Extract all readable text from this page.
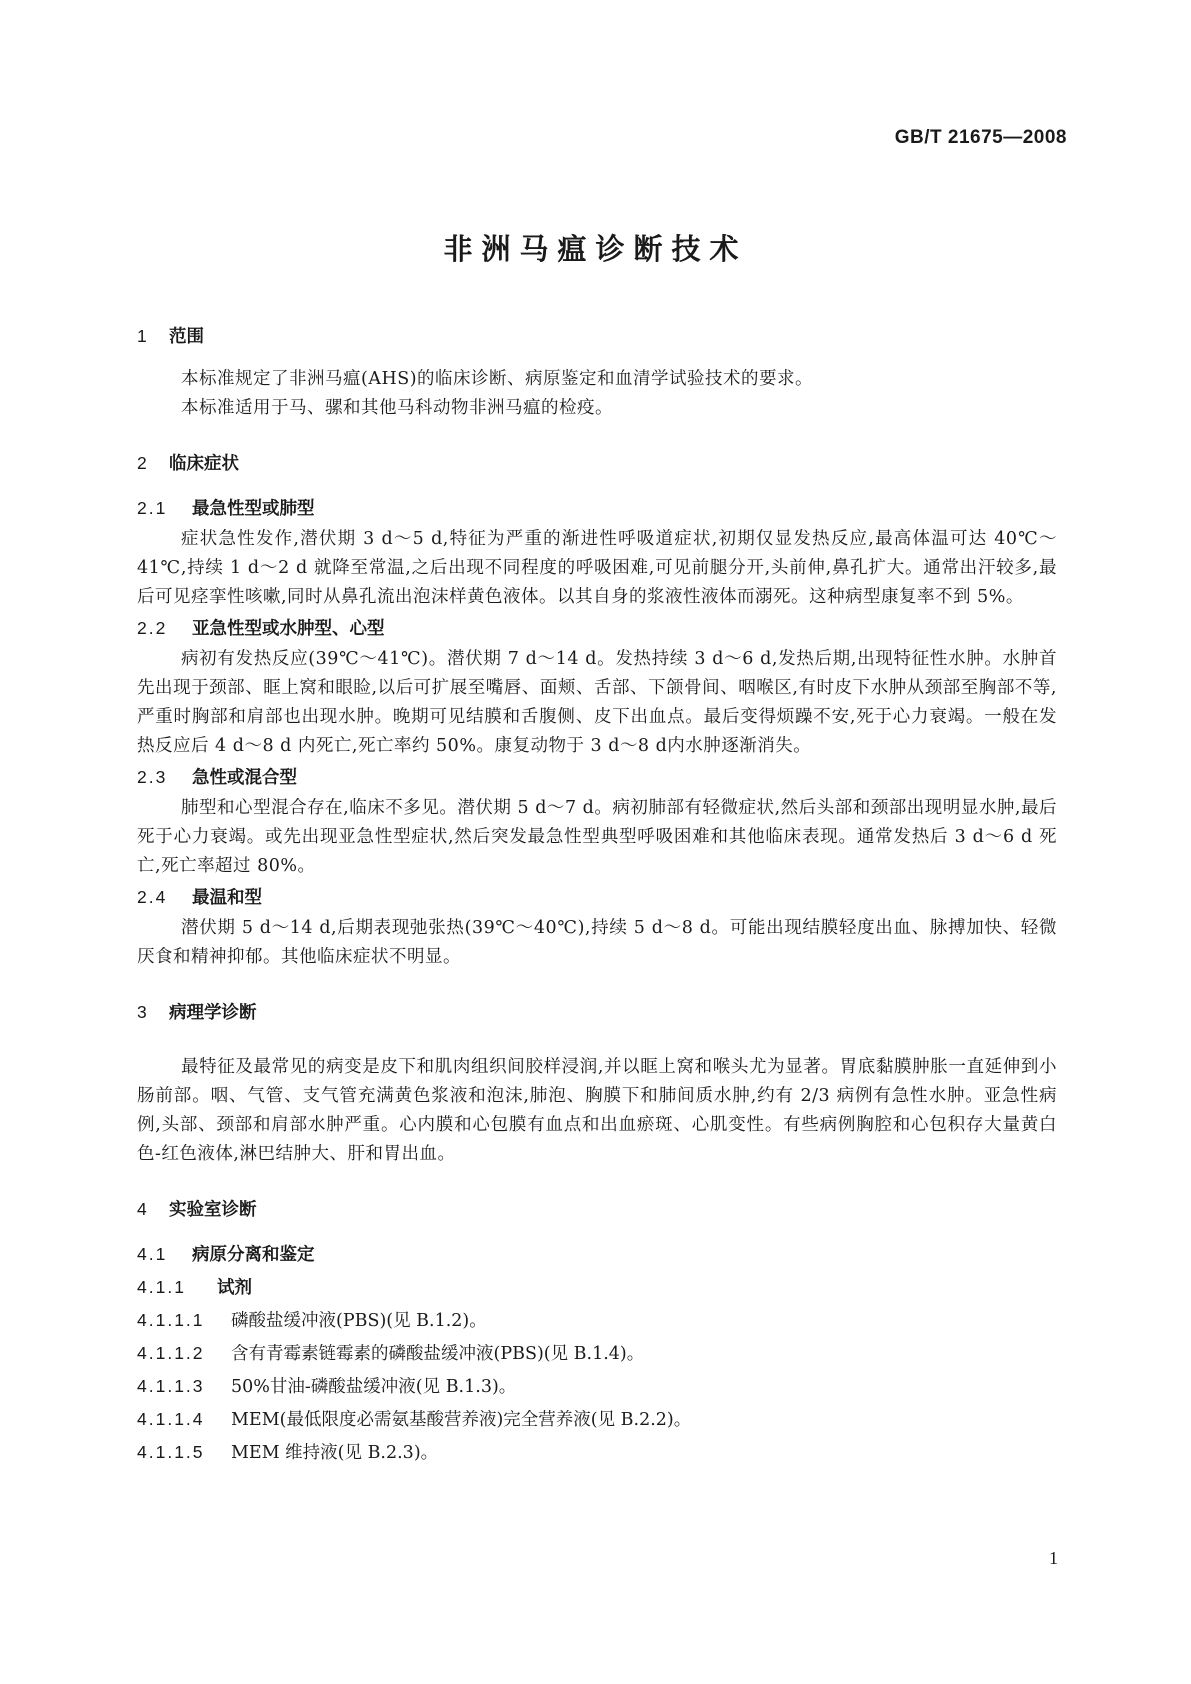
GB/T 21675—2008
非洲马瘟诊断技术
1 范围

本标准规定了非洲马瘟(AHS)的临床诊断、病原鉴定和血清学试验技术的要求。

本标准适用于马、骡和其他马科动物非洲马瘟的检疫。

2 临床症状
2.1 最急性型或肺型

症状急性发作,潜伏期 3 d～5 d,特征为严重的渐进性呼吸道症状,初期仅显发热反应,最高体温可达 40℃～41℃,持续 1 d～2 d 就降至常温,之后出现不同程度的呼吸困难,可见前腿分开,头前伸,鼻孔扩大。通常出汗较多,最后可见痉挛性咳嗽,同时从鼻孔流出泡沫样黄色液体。以其自身的浆液性液体而溺死。这种病型康复率不到 5%。

2.2 亚急性型或水肿型、心型

病初有发热反应(39℃～41℃)。潜伏期 7 d～14 d。发热持续 3 d～6 d,发热后期,出现特征性水肿。水肿首先出现于颈部、眶上窝和眼睑,以后可扩展至嘴唇、面颊、舌部、下颌骨间、咽喉区,有时皮下水肿从颈部至胸部不等,严重时胸部和肩部也出现水肿。晚期可见结膜和舌腹侧、皮下出血点。最后变得烦躁不安,死于心力衰竭。一般在发热反应后 4 d～8 d 内死亡,死亡率约 50%。康复动物于 3 d～8 d内水肿逐渐消失。

2.3 急性或混合型

肺型和心型混合存在,临床不多见。潜伏期 5 d～7 d。病初肺部有轻微症状,然后头部和颈部出现明显水肿,最后死于心力衰竭。或先出现亚急性型症状,然后突发最急性型典型呼吸困难和其他临床表现。通常发热后 3 d～6 d 死亡,死亡率超过 80%。

2.4 最温和型

潜伏期 5 d～14 d,后期表现弛张热(39℃～40℃),持续 5 d～8 d。可能出现结膜轻度出血、脉搏加快、轻微厌食和精神抑郁。其他临床症状不明显。

3 病理学诊断

最特征及最常见的病变是皮下和肌肉组织间胶样浸润,并以眶上窝和喉头尤为显著。胃底黏膜肿胀一直延伸到小肠前部。咽、气管、支气管充满黄色浆液和泡沫,肺泡、胸膜下和肺间质水肿,约有 2/3 病例有急性水肿。亚急性病例,头部、颈部和肩部水肿严重。心内膜和心包膜有血点和出血瘀斑、心肌变性。有些病例胸腔和心包积存大量黄白色-红色液体,淋巴结肿大、肝和胃出血。

4 实验室诊断
4.1 病原分离和鉴定
4.1.1 试剂
4.1.1.1 磷酸盐缓冲液(PBS)(见 B.1.2)。
4.1.1.2 含有青霉素链霉素的磷酸盐缓冲液(PBS)(见 B.1.4)。
4.1.1.3 50%甘油-磷酸盐缓冲液(见 B.1.3)。
4.1.1.4 MEM(最低限度必需氨基酸营养液)完全营养液(见 B.2.2)。
4.1.1.5 MEM 维持液(见 B.2.3)。
1
